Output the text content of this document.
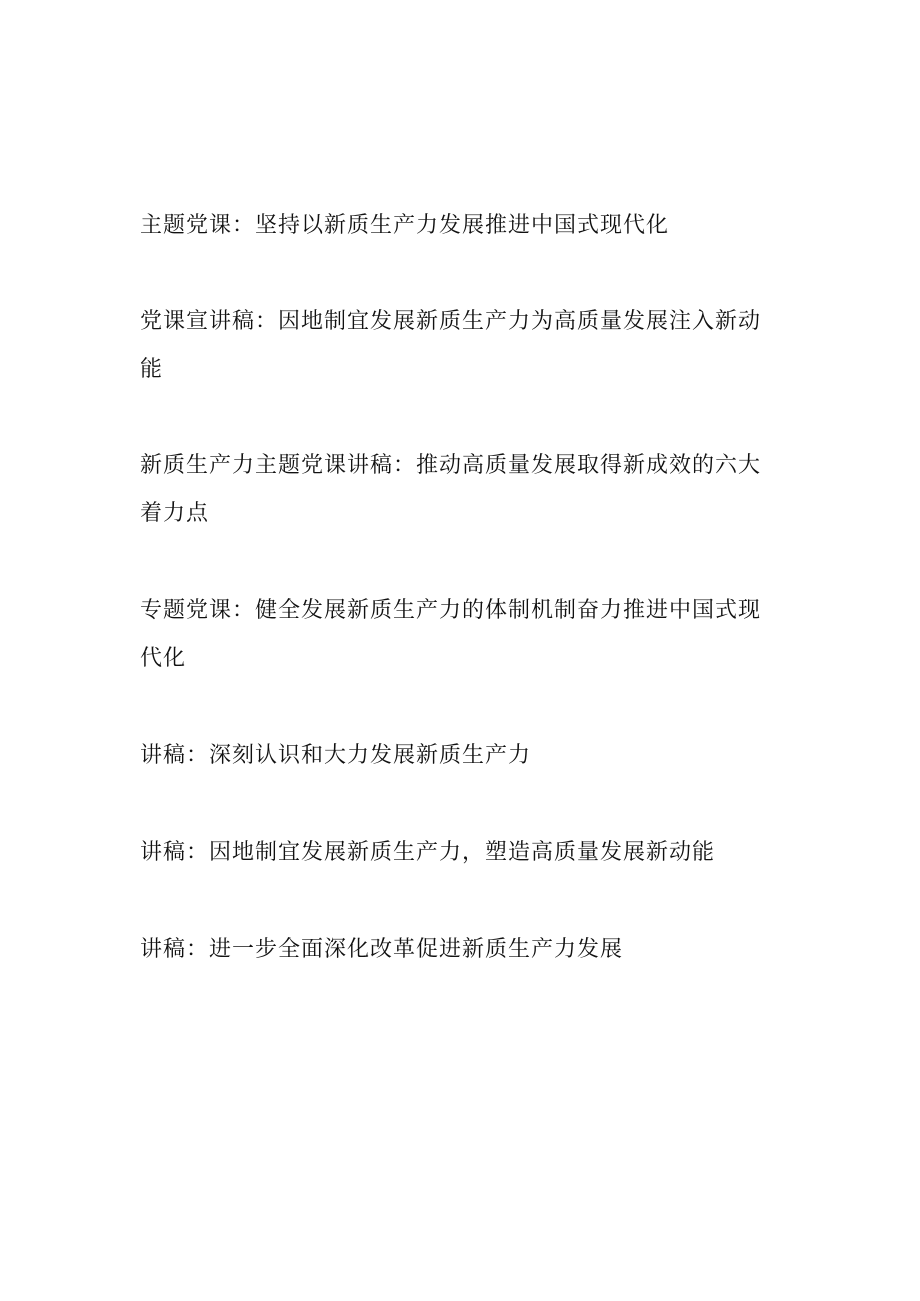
主题党课：坚持以新质生产力发展推进中国式现代化
党课宣讲稿：因地制宜发展新质生产力为高质量发展注入新动能
新质生产力主题党课讲稿：推动高质量发展取得新成效的六大着力点
专题党课：健全发展新质生产力的体制机制奋力推进中国式现代化
讲稿：深刻认识和大力发展新质生产力
讲稿：因地制宜发展新质生产力，塑造高质量发展新动能
讲稿：进一步全面深化改革促进新质生产力发展
